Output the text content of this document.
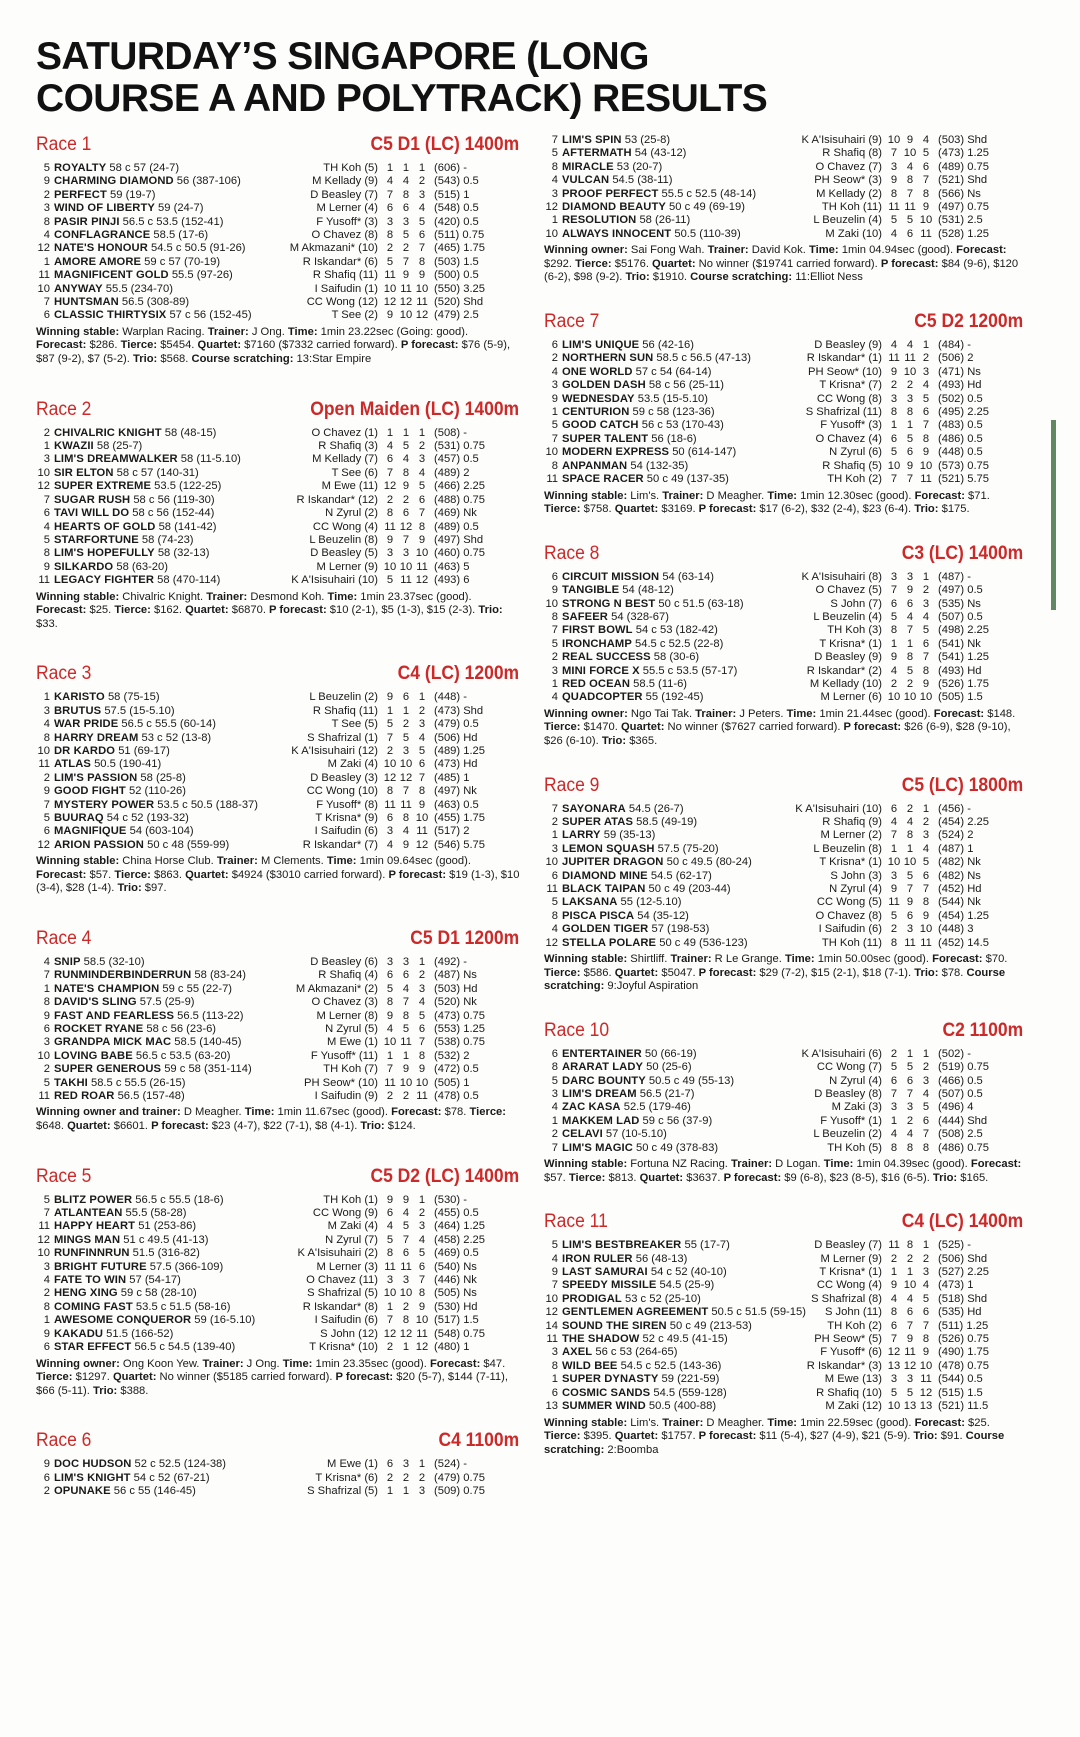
SATURDAY’S SINGAPORE (LONG COURSE A AND POLYTRACK) RESULTS
Race 1	C5 D1 (LC) 1400m
5	ROYALTY 58 c 57 (24-7)	TH Koh (5)	1	1	1	(606) -
9	CHARMING DIAMOND 56 (387-106)	M Kellady (9)	4	4	2	(543) 0.5
2	PERFECT 59 (19-7)	D Beasley (7)	7	8	3	(515) 1
3	WIND OF LIBERTY 59 (24-7)	M Lerner (4)	6	6	4	(548) 0.5
8	PASIR PINJI 56.5 c 53.5 (152-41)	F Yusoff* (3)	3	3	5	(420) 0.5
4	CONFLAGRANCE 58.5 (17-6)	O Chavez (8)	8	5	6	(511) 0.75
12	NATE'S HONOUR 54.5 c 50.5 (91-26)	M Akmazani* (10)	2	2	7	(465) 1.75
1	AMORE AMORE 59 c 57 (70-19)	R Iskandar* (6)	5	7	8	(503) 1.5
11	MAGNIFICENT GOLD 55.5 (97-26)	R Shafiq (11)	11	9	9	(500) 0.5
10	ANYWAY 55.5 (234-70)	I Saifudin (1)	10	11	10	(550) 3.25
7	HUNTSMAN 56.5 (308-89)	CC Wong (12)	12	12	11	(520) Shd
6	CLASSIC THIRTYSIX 57 c 56 (152-45)	T See (2)	9	10	12	(479) 2.5
Winning stable: Warplan Racing. Trainer: J Ong. Time: 1min 23.22sec (Going: good). Forecast: $286. Tierce: $5454. Quartet: $7160 ($7332 carried forward). P forecast: $76 (5-9), $87 (9-2), $7 (5-2). Trio: $568. Course scratching: 13:Star Empire
Race 2	Open Maiden (LC) 1400m
2	CHIVALRIC KNIGHT 58 (48-15)	O Chavez (1)	1	1	1	(508) -
1	KWAZII 58 (25-7)	R Shafiq (3)	4	5	2	(531) 0.75
3	LIM'S DREAMWALKER 58 (11-5.10)	M Kellady (7)	6	4	3	(457) 0.5
10	SIR ELTON 58 c 57 (140-31)	T See (6)	7	8	4	(489) 2
12	SUPER EXTREME 53.5 (122-25)	M Ewe (11)	12	9	5	(466) 2.25
7	SUGAR RUSH 58 c 56 (119-30)	R Iskandar* (12)	2	2	6	(488) 0.75
6	TAVI WILL DO 58 c 56 (152-44)	N Zyrul (2)	8	6	7	(469) Nk
4	HEARTS OF GOLD 58 (141-42)	CC Wong (4)	11	12	8	(489) 0.5
5	STARFORTUNE 58 (74-23)	L Beuzelin (8)	9	7	9	(497) Shd
8	LIM'S HOPEFULLY 58 (32-13)	D Beasley (5)	3	3	10	(460) 0.75
9	SILKARDO 58 (63-20)	M Lerner (9)	10	10	11	(463) 5
11	LEGACY FIGHTER 58 (470-114)	K A'Isisuhairi (10)	5	11	12	(493) 6
Winning stable: Chivalric Knight. Trainer: Desmond Koh. Time: 1min 23.37sec (good). Forecast: $25. Tierce: $162. Quartet: $6870. P forecast: $10 (2-1), $5 (1-3), $15 (2-3). Trio: $33.
Race 3	C4 (LC) 1200m
1	KARISTO 58 (75-15)	L Beuzelin (2)	9	6	1	(448) -
3	BRUTUS 57.5 (15-5.10)	R Shafiq (11)	1	1	2	(473) Shd
4	WAR PRIDE 56.5 c 55.5 (60-14)	T See (5)	5	2	3	(479) 0.5
8	HARRY DREAM 53 c 52 (13-8)	S Shafrizal (1)	7	5	4	(506) Hd
10	DR KARDO 51 (69-17)	K A'Isisuhairi (12)	2	3	5	(489) 1.25
11	ATLAS 50.5 (190-41)	M Zaki (4)	10	10	6	(473) Hd
2	LIM'S PASSION 58 (25-8)	D Beasley (3)	12	12	7	(485) 1
9	GOOD FIGHT 52 (110-26)	CC Wong (10)	8	7	8	(497) Nk
7	MYSTERY POWER 53.5 c 50.5 (188-37)	F Yusoff* (8)	11	11	9	(463) 0.5
5	BUURAQ 54 c 52 (193-32)	T Krisna* (9)	6	8	10	(455) 1.75
6	MAGNIFIQUE 54 (603-104)	I Saifudin (6)	3	4	11	(517) 2
12	ARION PASSION 50 c 48 (559-99)	R Iskandar* (7)	4	9	12	(546) 5.75
Winning stable: China Horse Club. Trainer: M Clements. Time: 1min 09.64sec (good). Forecast: $57. Tierce: $863. Quartet: $4924 ($3010 carried forward). P forecast: $19 (1-3), $10 (3-4), $28 (1-4). Trio: $97.
Race 4	C5 D1 1200m
4	SNIP 58.5 (32-10)	D Beasley (6)	3	3	1	(492) -
7	RUNMINDERBINDERRUN 58 (83-24)	R Shafiq (4)	6	6	2	(487) Ns
1	NATE'S CHAMPION 59 c 55 (22-7)	M Akmazani* (2)	5	4	3	(503) Hd
8	DAVID'S SLING 57.5 (25-9)	O Chavez (3)	8	7	4	(520) Nk
9	FAST AND FEARLESS 56.5 (113-22)	M Lerner (8)	9	8	5	(473) 0.75
6	ROCKET RYANE 58 c 56 (23-6)	N Zyrul (5)	4	5	6	(553) 1.25
3	GRANDPA MICK MAC 58.5 (140-45)	M Ewe (1)	10	11	7	(538) 0.75
10	LOVING BABE 56.5 c 53.5 (63-20)	F Yusoff* (11)	1	1	8	(532) 2
2	SUPER GENEROUS 59 c 58 (351-114)	TH Koh (7)	7	9	9	(472) 0.5
5	TAKHI 58.5 c 55.5 (26-15)	PH Seow* (10)	11	10	10	(505) 1
11	RED ROAR 56.5 (157-48)	I Saifudin (9)	2	2	11	(478) 0.5
Winning owner and trainer: D Meagher. Time: 1min 11.67sec (good). Forecast: $78. Tierce: $648. Quartet: $6601. P forecast: $23 (4-7), $22 (7-1), $8 (4-1). Trio: $124.
Race 5	C5 D2 (LC) 1400m
5	BLITZ POWER 56.5 c 55.5 (18-6)	TH Koh (1)	9	9	1	(530) -
7	ATLANTEAN 55.5 (58-28)	CC Wong (9)	6	4	2	(455) 0.5
11	HAPPY HEART 51 (253-86)	M Zaki (4)	4	5	3	(464) 1.25
12	MINGS MAN 51 c 49.5 (41-13)	N Zyrul (7)	5	7	4	(458) 2.25
10	RUNFINNRUN 51.5 (316-82)	K A'Isisuhairi (2)	8	6	5	(469) 0.5
3	BRIGHT FUTURE 57.5 (366-109)	M Lerner (3)	11	11	6	(540) Ns
4	FATE TO WIN 57 (54-17)	O Chavez (11)	3	3	7	(446) Nk
2	HENG XING 59 c 58 (28-10)	S Shafrizal (5)	10	10	8	(505) Ns
8	COMING FAST 53.5 c 51.5 (58-16)	R Iskandar* (8)	1	2	9	(530) Hd
1	AWESOME CONQUEROR 59 (16-5.10)	I Saifudin (6)	7	8	10	(517) 1.5
9	KAKADU 51.5 (166-52)	S John (12)	12	12	11	(548) 0.75
6	STAR EFFECT 56.5 c 54.5 (139-40)	T Krisna* (10)	2	1	12	(480) 1
Winning owner: Ong Koon Yew. Trainer: J Ong. Time: 1min 23.35sec (good). Forecast: $47. Tierce: $1297. Quartet: No winner ($5185 carried forward). P forecast: $20 (5-7), $144 (7-11), $66 (5-11). Trio: $388.
Race 6	C4 1100m
9	DOC HUDSON 52 c 52.5 (124-38)	M Ewe (1)	6	3	1	(524) -
6	LIM'S KNIGHT 54 c 52 (67-21)	T Krisna* (6)	2	2	2	(479) 0.75
2	OPUNAKE 56 c 55 (146-45)	S Shafrizal (5)	1	1	3	(509) 0.75
7	LIM'S SPIN 53 (25-8)	K A'Isisuhairi (9)	10	9	4	(503) Shd
5	AFTERMATH 54 (43-12)	R Shafiq (8)	7	10	5	(473) 1.25
8	MIRACLE 53 (20-7)	O Chavez (7)	3	4	6	(489) 0.75
4	VULCAN 54.5 (38-11)	PH Seow* (3)	9	8	7	(521) Shd
3	PROOF PERFECT 55.5 c 52.5 (48-14)	M Kellady (2)	8	7	8	(566) Ns
12	DIAMOND BEAUTY 50 c 49 (69-19)	TH Koh (11)	11	11	9	(497) 0.75
1	RESOLUTION 58 (26-11)	L Beuzelin (4)	5	5	10	(531) 2.5
10	ALWAYS INNOCENT 50.5 (110-39)	M Zaki (10)	4	6	11	(528) 1.25
Winning owner: Sai Fong Wah. Trainer: David Kok. Time: 1min 04.94sec (good). Forecast: $292. Tierce: $5176. Quartet: No winner ($19741 carried forward). P forecast: $84 (9-6), $120 (6-2), $98 (9-2). Trio: $1910. Course scratching: 11:Elliot Ness
Race 7	C5 D2 1200m
6	LIM'S UNIQUE 56 (42-16)	D Beasley (9)	4	4	1	(484) -
2	NORTHERN SUN 58.5 c 56.5 (47-13)	R Iskandar* (1)	11	11	2	(506) 2
4	ONE WORLD 57 c 54 (64-14)	PH Seow* (10)	9	10	3	(471) Ns
3	GOLDEN DASH 58 c 56 (25-11)	T Krisna* (7)	2	2	4	(493) Hd
9	WEDNESDAY 53.5 (15-5.10)	CC Wong (8)	3	3	5	(502) 0.5
1	CENTURION 59 c 58 (123-36)	S Shafrizal (11)	8	8	6	(495) 2.25
5	GOOD CATCH 56 c 53 (170-43)	F Yusoff* (3)	1	1	7	(483) 0.5
7	SUPER TALENT 56 (18-6)	O Chavez (4)	6	5	8	(486) 0.5
10	MODERN EXPRESS 50 (614-147)	N Zyrul (6)	5	6	9	(448) 0.5
8	ANPANMAN 54 (132-35)	R Shafiq (5)	10	9	10	(573) 0.75
11	SPACE RACER 50 c 49 (137-35)	TH Koh (2)	7	7	11	(521) 5.75
Winning stable: Lim's. Trainer: D Meagher. Time: 1min 12.30sec (good). Forecast: $71. Tierce: $758. Quartet: $3169. P forecast: $17 (6-2), $32 (2-4), $23 (6-4). Trio: $175.
Race 8	C3 (LC) 1400m
6	CIRCUIT MISSION 54 (63-14)	K A'Isisuhairi (8)	3	3	1	(487) -
9	TANGIBLE 54 (48-12)	O Chavez (5)	7	9	2	(497) 0.5
10	STRONG N BEST 50 c 51.5 (63-18)	S John (7)	6	6	3	(535) Ns
8	SAFEER 54 (328-67)	L Beuzelin (4)	5	4	4	(507) 0.5
7	FIRST BOWL 54 c 53 (182-42)	TH Koh (3)	8	7	5	(498) 2.25
5	IRONCHAMP 54.5 c 52.5 (22-8)	T Krisna* (1)	1	1	6	(541) Nk
2	REAL SUCCESS 58 (30-6)	D Beasley (9)	9	8	7	(541) 1.25
3	MINI FORCE X 55.5 c 53.5 (57-17)	R Iskandar* (2)	4	5	8	(493) Hd
1	RED OCEAN 58.5 (11-6)	M Kellady (10)	2	2	9	(526) 1.75
4	QUADCOPTER 55 (192-45)	M Lerner (6)	10	10	10	(505) 1.5
Winning owner: Ngo Tai Tak. Trainer: J Peters. Time: 1min 21.44sec (good). Forecast: $148. Tierce: $1470. Quartet: No winner ($7627 carried forward). P forecast: $26 (6-9), $28 (9-10), $26 (6-10). Trio: $365.
Race 9	C5 (LC) 1800m
7	SAYONARA 54.5 (26-7)	K A'Isisuhairi (10)	6	2	1	(456) -
2	SUPER ATAS 58.5 (49-19)	R Shafiq (9)	4	4	2	(454) 2.25
1	LARRY 59 (35-13)	M Lerner (2)	7	8	3	(524) 2
3	LEMON SQUASH 57.5 (75-20)	L Beuzelin (8)	1	1	4	(487) 1
10	JUPITER DRAGON 50 c 49.5 (80-24)	T Krisna* (1)	10	10	5	(482) Nk
6	DIAMOND MINE 54.5 (62-17)	S John (3)	3	5	6	(482) Ns
11	BLACK TAIPAN 50 c 49 (203-44)	N Zyrul (4)	9	7	7	(452) Hd
5	LAKSANA 55 (12-5.10)	CC Wong (5)	11	9	8	(544) Nk
8	PISCA PISCA 54 (35-12)	O Chavez (8)	5	6	9	(454) 1.25
4	GOLDEN TIGER 57 (198-53)	I Saifudin (6)	2	3	10	(448) 3
12	STELLA POLARE 50 c 49 (536-123)	TH Koh (11)	8	11	11	(452) 14.5
Winning stable: Shirtliff. Trainer: R Le Grange. Time: 1min 50.00sec (good). Forecast: $70. Tierce: $586. Quartet: $5047. P forecast: $29 (7-2), $15 (2-1), $18 (7-1). Trio: $78. Course scratching: 9:Joyful Aspiration
Race 10	C2 1100m
6	ENTERTAINER 50 (66-19)	K A'Isisuhairi (6)	2	1	1	(502) -
8	ARARAT LADY 50 (25-6)	CC Wong (7)	5	5	2	(519) 0.75
5	DARC BOUNTY 50.5 c 49 (55-13)	N Zyrul (4)	6	6	3	(466) 0.5
3	LIM'S DREAM 56.5 (21-7)	D Beasley (8)	7	7	4	(507) 0.5
4	ZAC KASA 52.5 (179-46)	M Zaki (3)	3	3	5	(496) 4
1	MAKKEM LAD 59 c 56 (37-9)	F Yusoff* (1)	1	2	6	(444) Shd
2	CELAVI 57 (10-5.10)	L Beuzelin (2)	4	4	7	(508) 2.5
7	LIM'S MAGIC 50 c 49 (378-83)	TH Koh (5)	8	8	8	(486) 0.75
Winning stable: Fortuna NZ Racing. Trainer: D Logan. Time: 1min 04.39sec (good). Forecast: $57. Tierce: $813. Quartet: $3637. P forecast: $9 (6-8), $23 (8-5), $16 (6-5). Trio: $165.
Race 11	C4 (LC) 1400m
5	LIM'S BESTBREAKER 55 (17-7)	D Beasley (7)	11	8	1	(525) -
4	IRON RULER 56 (48-13)	M Lerner (9)	2	2	2	(506) Shd
9	LAST SAMURAI 54 c 52 (40-10)	T Krisna* (1)	1	1	3	(527) 2.25
7	SPEEDY MISSILE 54.5 (25-9)	CC Wong (4)	9	10	4	(473) 1
10	PRODIGAL 53 c 52 (25-10)	S Shafrizal (8)	4	4	5	(518) Shd
12	GENTLEMEN AGREEMENT 50.5 c 51.5 (59-15)	S John (11)	8	6	6	(535) Hd
14	SOUND THE SIREN 50 c 49 (213-53)	TH Koh (2)	6	7	7	(511) 1.25
11	THE SHADOW 52 c 49.5 (41-15)	PH Seow* (5)	7	9	8	(526) 0.75
3	AXEL 56 c 53 (264-65)	F Yusoff* (6)	12	11	9	(490) 1.75
8	WILD BEE 54.5 c 52.5 (143-36)	R Iskandar* (3)	13	12	10	(478) 0.75
1	SUPER DYNASTY 59 (221-59)	M Ewe (13)	3	3	11	(544) 0.5
6	COSMIC SANDS 54.5 (559-128)	R Shafiq (10)	5	5	12	(515) 1.5
13	SUMMER WIND 50.5 (400-88)	M Zaki (12)	10	13	13	(521) 11.5
Winning stable: Lim's. Trainer: D Meagher. Time: 1min 22.59sec (good). Forecast: $25. Tierce: $395. Quartet: $1757. P forecast: $11 (5-4), $27 (4-9), $21 (5-9). Trio: $91. Course scratching: 2:Boomba
